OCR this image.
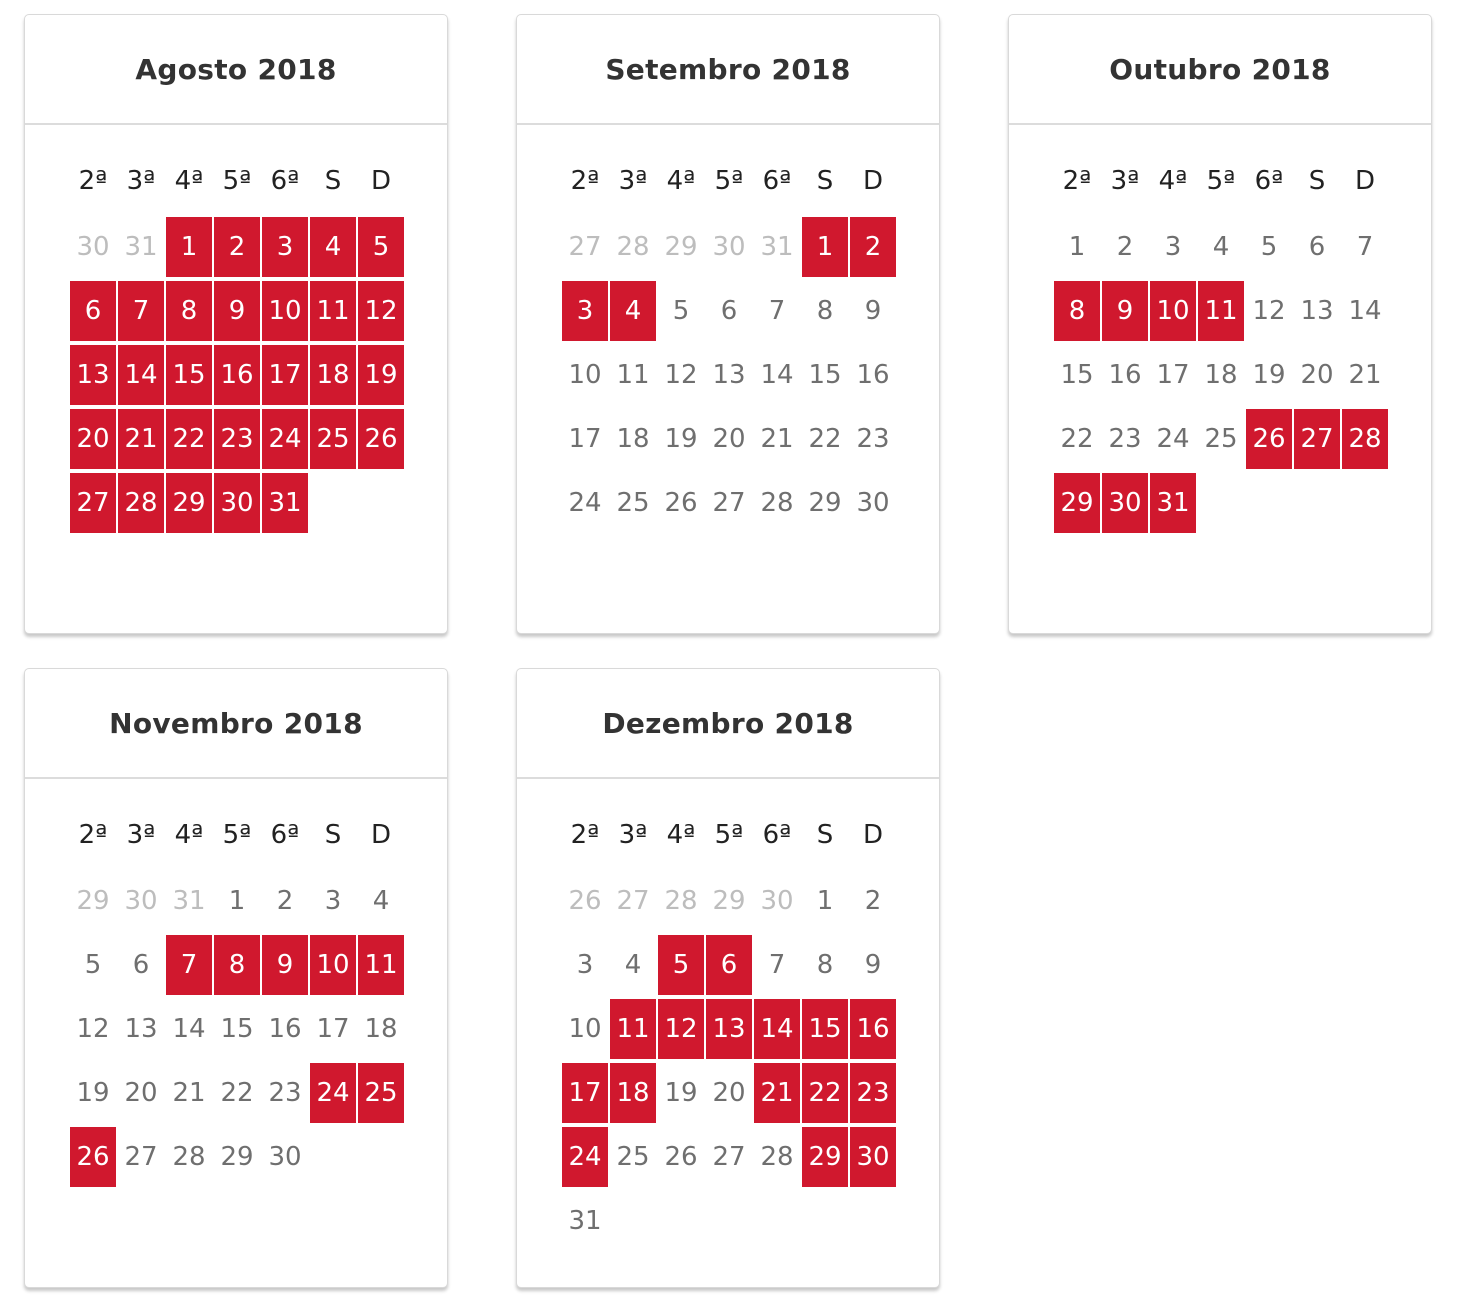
Agosto 2018
2ª 3ª 4ª 5ª 6ª S	D
30 31 1	2	3	4	5
6	7	8	9 10 11 12
13 14 15 16 17 18 19
20 21 22 23 24 25 26
27 28 29 30 31
Setembro 2018
2ª 3ª 4ª 5ª 6ª S	D
27 28 29 30 31 1	2
3	4	5	6	7	8	9
10 11 12 13 14 15 16
17 18 19 20 21 22 23
24 25 26 27 28 29 30
Outubro 2018
2ª 3ª 4ª 5ª 6ª S	D
1	2	3	4	5	6	7
8	9 10 11 12 13 14
15 16 17 18 19 20 21
22 23 24 25 26 27 28
29 30 31
Novembro 2018
2ª 3ª 4ª 5ª 6ª S	D
29 30 31 1	2	3	4
5	6	7	8	9 10 11
12 13 14 15 16 17 18
19 20 21 22 23 24 25
26 27 28 29 30
Dezembro 2018
2ª 3ª 4ª 5ª 6ª S	D
26 27 28 29 30 1	2
3	4	5	6	7	8	9
10 11 12 13 14 15 16
17 18 19 20 21 22 23
24 25 26 27 28 29 30
31
